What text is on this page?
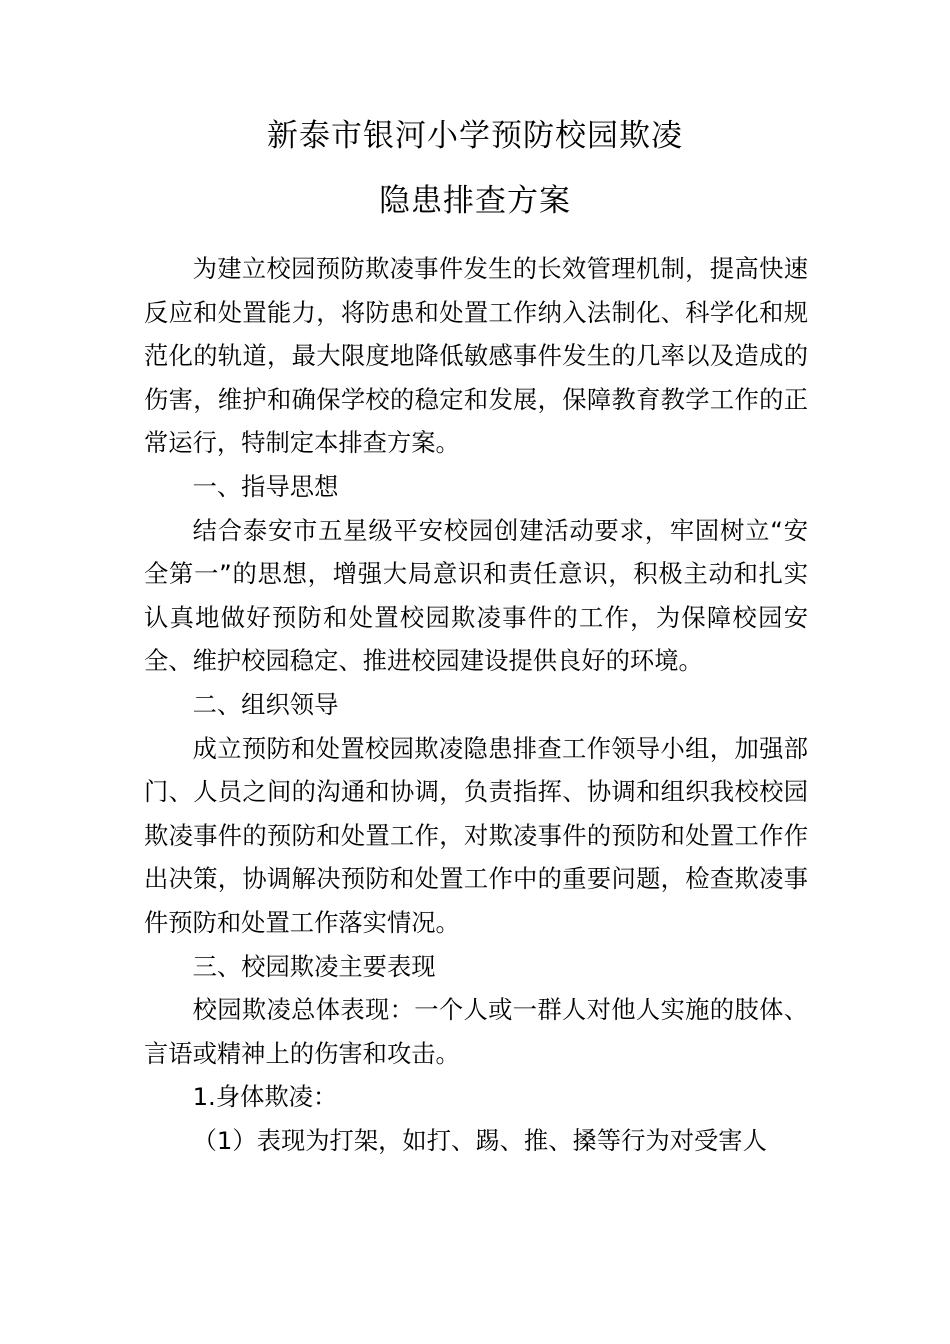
新泰市银河小学预防校园欺凌
隐患排查方案

为建立校园预防欺凌事件发生的长效管理机制，提高快速反应和处置能力，将防患和处置工作纳入法制化、科学化和规范化的轨道，最大限度地降低敏感事件发生的几率以及造成的伤害，维护和确保学校的稳定和发展，保障教育教学工作的正常运行，特制定本排查方案。

一、指导思想

结合泰安市五星级平安校园创建活动要求，牢固树立“安全第一”的思想，增强大局意识和责任意识，积极主动和扎实认真地做好预防和处置校园欺凌事件的工作，为保障校园安全、维护校园稳定、推进校园建设提供良好的环境。

二、组织领导

成立预防和处置校园欺凌隐患排查工作领导小组，加强部门、人员之间的沟通和协调，负责指挥、协调和组织我校校园欺凌事件的预防和处置工作，对欺凌事件的预防和处置工作作出决策，协调解决预防和处置工作中的重要问题，检查欺凌事件预防和处置工作落实情况。

三、校园欺凌主要表现

校园欺凌总体表现：一个人或一群人对他人实施的肢体、言语或精神上的伤害和攻击。

1.身体欺凌：

（1）表现为打架，如打、踢、推、搡等行为对受害人
